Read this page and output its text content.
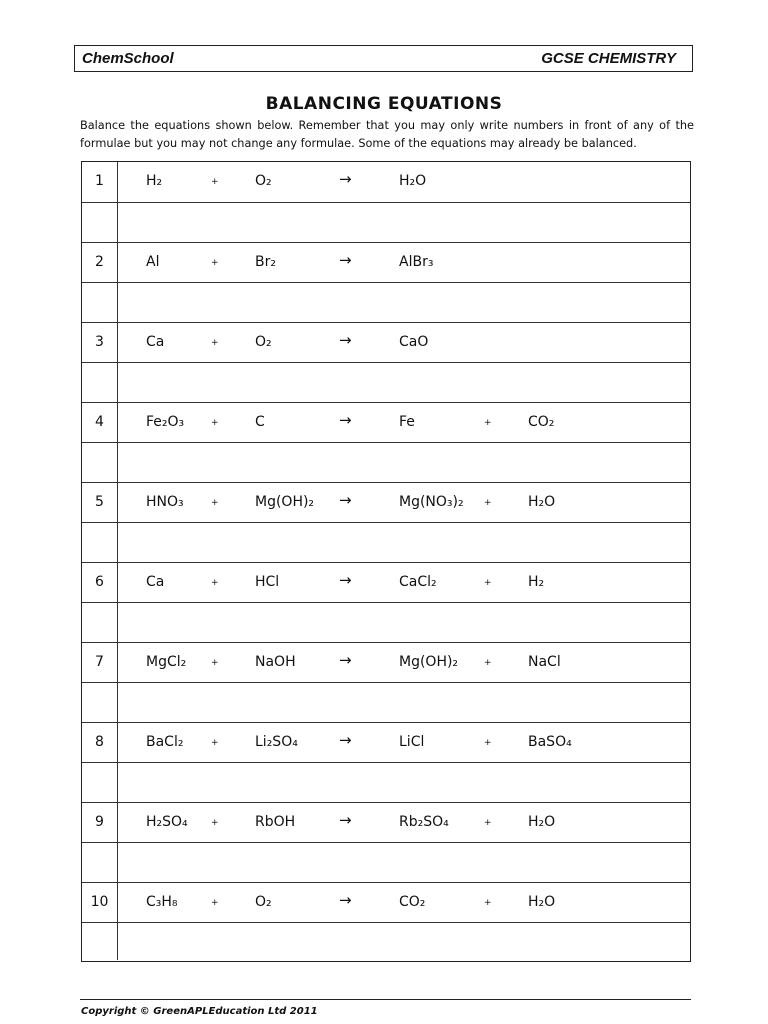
ChemSchool	GCSE CHEMISTRY
BALANCING EQUATIONS
Balance the equations shown below. Remember that you may only write numbers in front of any of the formulae but you may not change any formulae. Some of the equations may already be balanced.
1	H₂	+	O₂	→	H₂O
2	Al	+	Br₂	→	AlBr₃
3	Ca	+	O₂	→	CaO
4	Fe₂O₃	+	C	→	Fe	+	CO₂
5	HNO₃	+	Mg(OH)₂ →	Mg(NO₃)₂ +	H₂O
6	Ca	+	HCl	→	CaCl₂	+	H₂
7	MgCl₂	+	NaOH	→	Mg(OH)₂	+	NaCl
8	BaCl₂	+	Li₂SO₄	→	LiCl	+	BaSO₄
9	H₂SO₄	+	RbOH	→	Rb₂SO₄	+	H₂O
10	C₃H₈	+	O₂	→	CO₂	+	H₂O
Copyright © GreenAPLEducation Ltd 2011
